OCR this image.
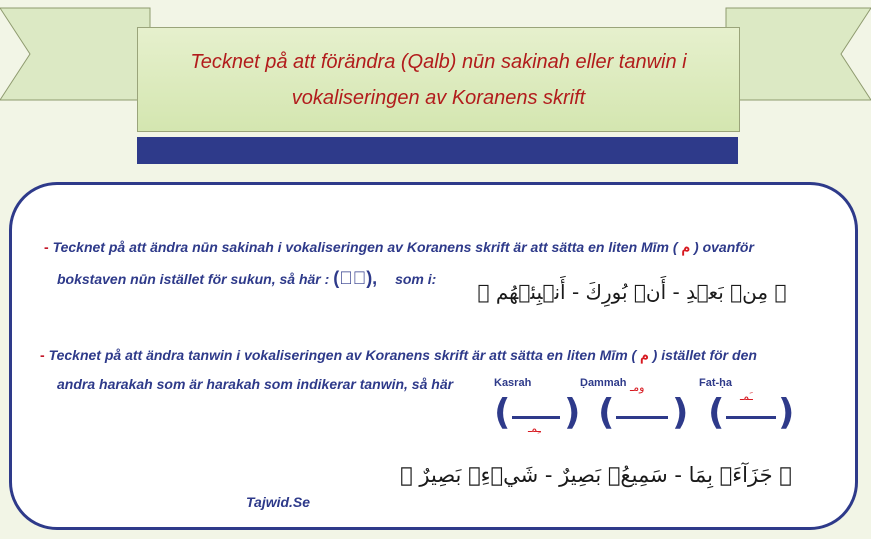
Tecknet på att förändra (Qalb) nūn sakinah eller tanwin i
vokaliseringen av Koranens skrift
- Tecknet på att ändra nūn sakinah i vokaliseringen av Koranens skrift är att sätta en liten Mīm ( م ) ovanför
bokstaven nūn istället för sukun, så här : (نۢ), som i:
﴿ مِنۢ بَعۡدِ - أَنۢ بُورِكَ - أَنۢبِئۡهُم ﴾
- Tecknet på att ändra tanwin i vokaliseringen av Koranens skrift är att sätta en liten Mīm ( م ) istället för den
andra harakah som är harakah som indikerar tanwin, så här	Kasrah	Ḍammah	Fat-ḥa
( ـِمـ ) (
ومـ
) ( ـَمـ )
﴿ جَزَآءَۢ بِمَا - سَمِيعُۢ بَصِيرٌ - شَيۡءِۢ بَصِيرٌ ﴾
Tajwid.Se
